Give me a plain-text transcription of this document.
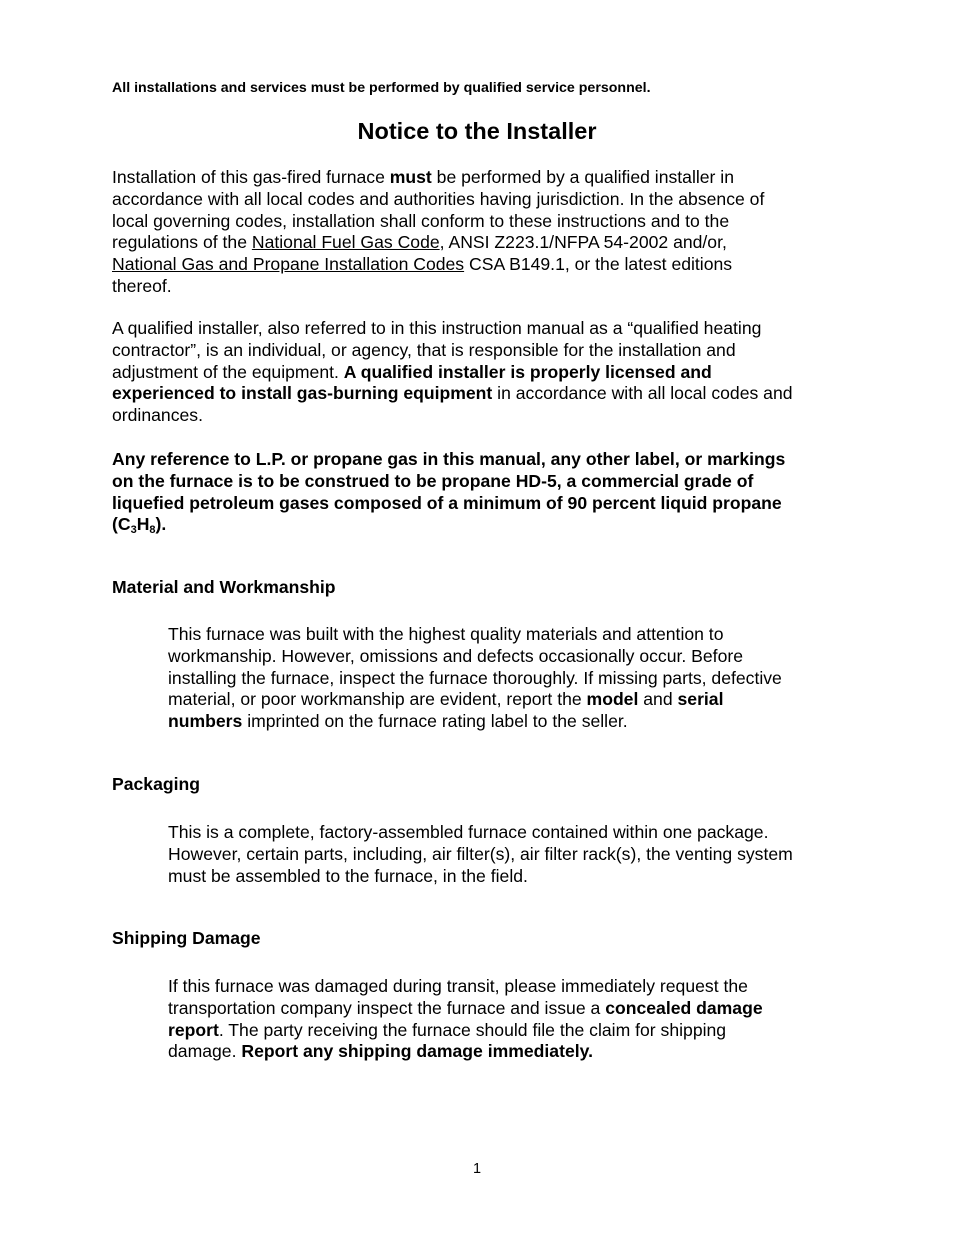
All installations and services must be performed by qualified service personnel.
Notice to the Installer
Installation of this gas-fired furnace must be performed by a qualified installer in
accordance with all local codes and authorities having jurisdiction. In the absence of
local governing codes, installation shall conform to these instructions and to the
regulations of the National Fuel Gas Code, ANSI Z223.1/NFPA 54-2002 and/or,
National Gas and Propane Installation Codes CSA B149.1, or the latest editions
thereof.
A qualified installer, also referred to in this instruction manual as a “qualified heating
contractor”, is an individual, or agency, that is responsible for the installation and
adjustment of the equipment. A qualified installer is properly licensed and
experienced to install gas-burning equipment in accordance with all local codes and
ordinances.
Any reference to L.P. or propane gas in this manual, any other label, or markings
on the furnace is to be construed to be propane HD-5, a commercial grade of
liquefied petroleum gases composed of a minimum of 90 percent liquid propane
$(C_3H_8)$.
Material and Workmanship
This furnace was built with the highest quality materials and attention to
workmanship. However, omissions and defects occasionally occur. Before
installing the furnace, inspect the furnace thoroughly. If missing parts, defective
material, or poor workmanship are evident, report the model and serial
numbers imprinted on the furnace rating label to the seller.
Packaging
This is a complete, factory-assembled furnace contained within one package.
However, certain parts, including, air filter(s), air filter rack(s), the venting system
must be assembled to the furnace, in the field.
Shipping Damage
If this furnace was damaged during transit, please immediately request the
transportation company inspect the furnace and issue a concealed damage
report. The party receiving the furnace should file the claim for shipping
damage. Report any shipping damage immediately.
1
